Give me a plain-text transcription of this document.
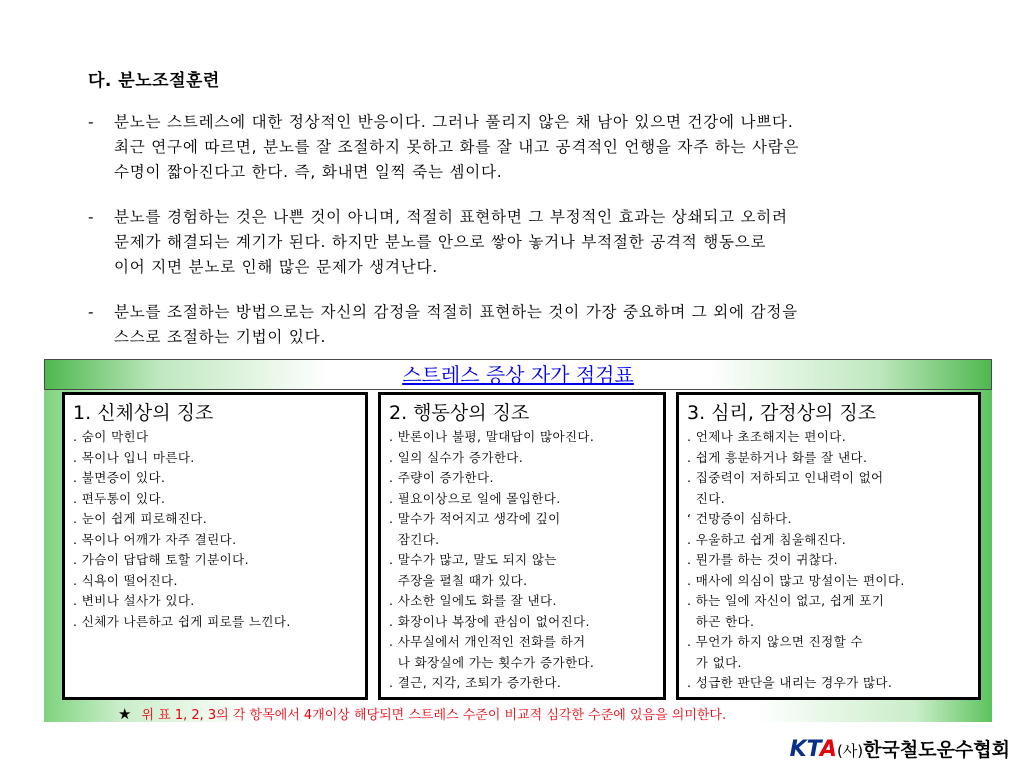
다. 분노조절훈련
- 분노는 스트레스에 대한 정상적인 반응이다. 그러나 풀리지 않은 채 남아 있으면 건강에 나쁘다.
최근 연구에 따르면, 분노를 잘 조절하지 못하고 화를 잘 내고 공격적인 언행을 자주 하는 사람은
수명이 짧아진다고 한다. 즉, 화내면 일찍 죽는 셈이다.
- 분노를 경험하는 것은 나쁜 것이 아니며, 적절히 표현하면 그 부정적인 효과는 상쇄되고 오히려
문제가 해결되는 계기가 된다. 하지만 분노를 안으로 쌓아 놓거나 부적절한 공격적 행동으로
이어 지면 분노로 인해 많은 문제가 생겨난다.
- 분노를 조절하는 방법으로는 자신의 감정을 적절히 표현하는 것이 가장 중요하며 그 외에 감정을
스스로 조절하는 기법이 있다.
스트레스 증상 자가 점검표
1. 신체상의 징조
. 숨이 막힌다
. 목이나 입니 마른다.
. 불면증이 있다.
. 편두통이 있다.
. 눈이 쉽게 피로해진다.
. 목이나 어깨가 자주 결린다.
. 가슴이 답답해 토할 기분이다.
. 식욕이 떨어진다.
. 변비나 설사가 있다.
. 신체가 나른하고 쉽게 피로를 느낀다.
2. 행동상의 징조
. 반론이나 불평, 말대답이 많아진다.
. 일의 실수가 증가한다.
. 주량이 증가한다.
. 필요이상으로 일에 몰입한다.
. 말수가 적어지고 생각에 깊이
잠긴다.
. 말수가 많고, 말도 되지 않는
주장을 펼칠 때가 있다.
. 사소한 일에도 화를 잘 낸다.
. 화장이나 복장에 관심이 없어진다.
. 사무실에서 개인적인 전화를 하거
나 화장실에 가는 횟수가 증가한다.
. 결근, 지각, 조퇴가 증가한다.
3. 심리, 감정상의 징조
. 언제나 초조해지는 편이다.
. 쉽게 흥분하거나 화를 잘 낸다.
. 집중력이 저하되고 인내력이 없어
진다.
‘ 건망증이 심하다.
. 우울하고 쉽게 침울해진다.
. 뭔가를 하는 것이 귀찮다.
. 매사에 의심이 많고 망설이는 편이다.
. 하는 일에 자신이 없고, 쉽게 포기
하곤 한다.
. 무언가 하지 않으면 진정할 수
가 없다.
. 성급한 판단을 내리는 경우가 많다.
★ 위 표 1, 2, 3의 각 항목에서 4개이상 해당되면 스트레스 수준이 비교적 심각한 수준에 있음을 의미한다.
KTA(사)한국철도운수협회
